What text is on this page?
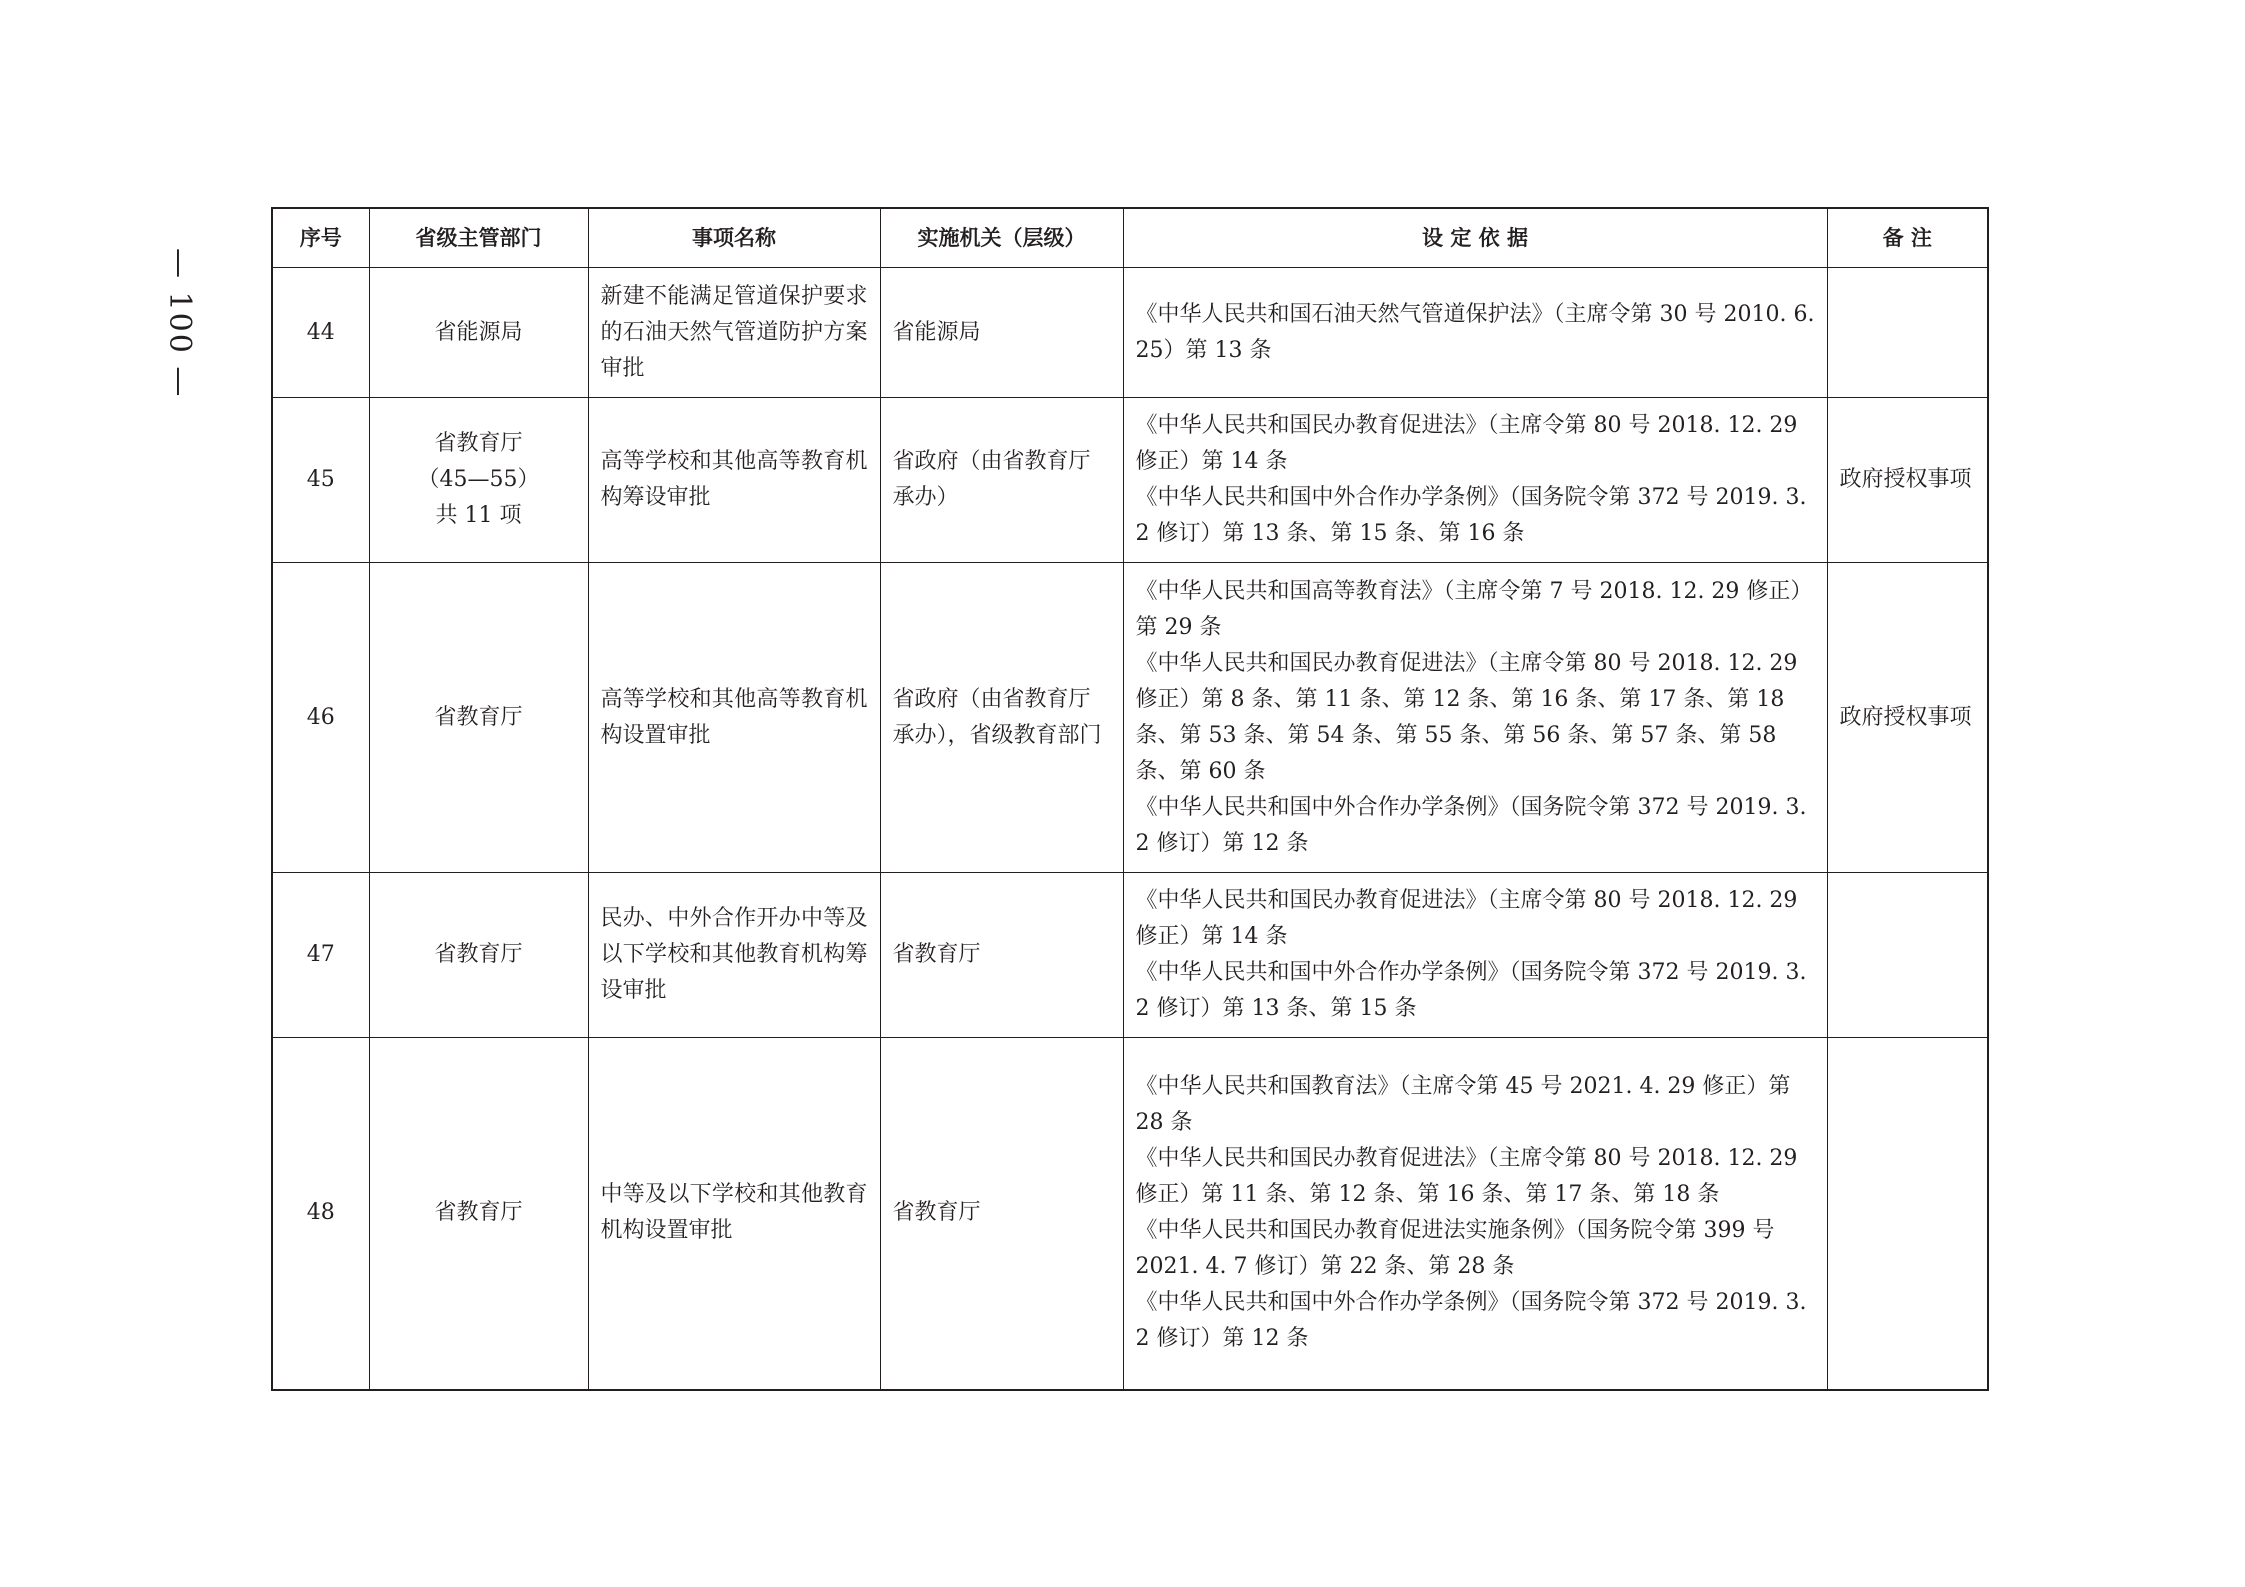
— 100 —
序号	省级主管部门	事项名称	实施机关（层级）	设 定 依 据	备 注
44	省能源局	新建不能满足管道保护要求的石油天然气管道防护方案审批	省能源局	《中华人民共和国石油天然气管道保护法》（主席令第 30 号 2010. 6. 25）第 13 条	
45	省教育厅
（45—55）
共 11 项	高等学校和其他高等教育机构筹设审批	省政府（由省教育厅承办）	《中华人民共和国民办教育促进法》（主席令第 80 号 2018. 12. 29 修正）第 14 条
《中华人民共和国中外合作办学条例》（国务院令第 372 号 2019. 3. 2 修订）第 13 条、第 15 条、第 16 条	政府授权事项
46	省教育厅	高等学校和其他高等教育机构设置审批	省政府（由省教育厅承办），省级教育部门	《中华人民共和国高等教育法》（主席令第 7 号 2018. 12. 29 修正）第 29 条
《中华人民共和国民办教育促进法》（主席令第 80 号 2018. 12. 29 修正）第 8 条、第 11 条、第 12 条、第 16 条、第 17 条、第 18 条、第 53 条、第 54 条、第 55 条、第 56 条、第 57 条、第 58 条、第 60 条
《中华人民共和国中外合作办学条例》（国务院令第 372 号 2019. 3. 2 修订）第 12 条	政府授权事项
47	省教育厅	民办、中外合作开办中等及以下学校和其他教育机构筹设审批	省教育厅	《中华人民共和国民办教育促进法》（主席令第 80 号 2018. 12. 29 修正）第 14 条
《中华人民共和国中外合作办学条例》（国务院令第 372 号 2019. 3. 2 修订）第 13 条、第 15 条	
48	省教育厅	中等及以下学校和其他教育机构设置审批	省教育厅	《中华人民共和国教育法》（主席令第 45 号 2021. 4. 29 修正）第 28 条
《中华人民共和国民办教育促进法》（主席令第 80 号 2018. 12. 29 修正）第 11 条、第 12 条、第 16 条、第 17 条、第 18 条
《中华人民共和国民办教育促进法实施条例》（国务院令第 399 号 2021. 4. 7 修订）第 22 条、第 28 条
《中华人民共和国中外合作办学条例》（国务院令第 372 号 2019. 3. 2 修订）第 12 条	
